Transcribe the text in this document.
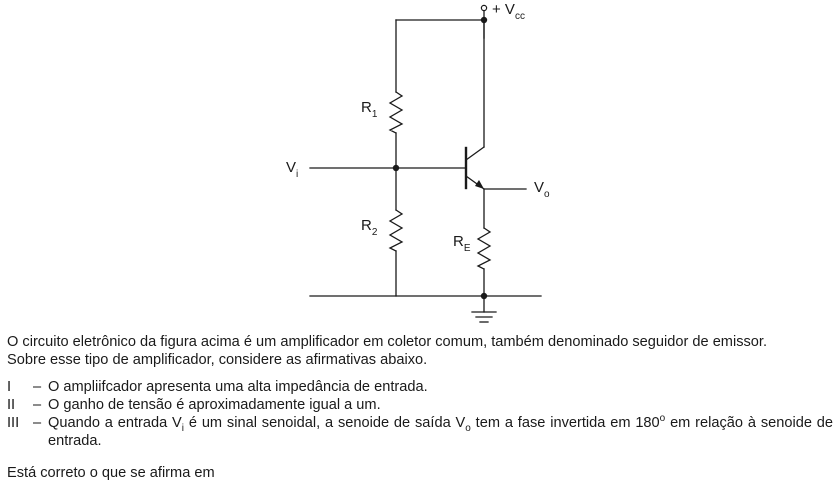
+ $V_{cc}$
$R_1$
$R_2$
$R_E$
$V_i$
$V_o$
O circuito eletrônico da figura acima é um amplificador em coletor comum, também denominado seguidor de emissor.
Sobre esse tipo de amplificador, considere as afirmativas abaixo.
I	– O ampliifcador apresenta uma alta impedância de entrada.
II	– O ganho de tensão é aproximadamente igual a um.
III – Quando a entrada $V_i$ é um sinal senoidal, a senoide de saída $V_o$ tem a fase invertida em 180$^o$ em relação à senoide de entrada.
Está correto o que se afirma em
